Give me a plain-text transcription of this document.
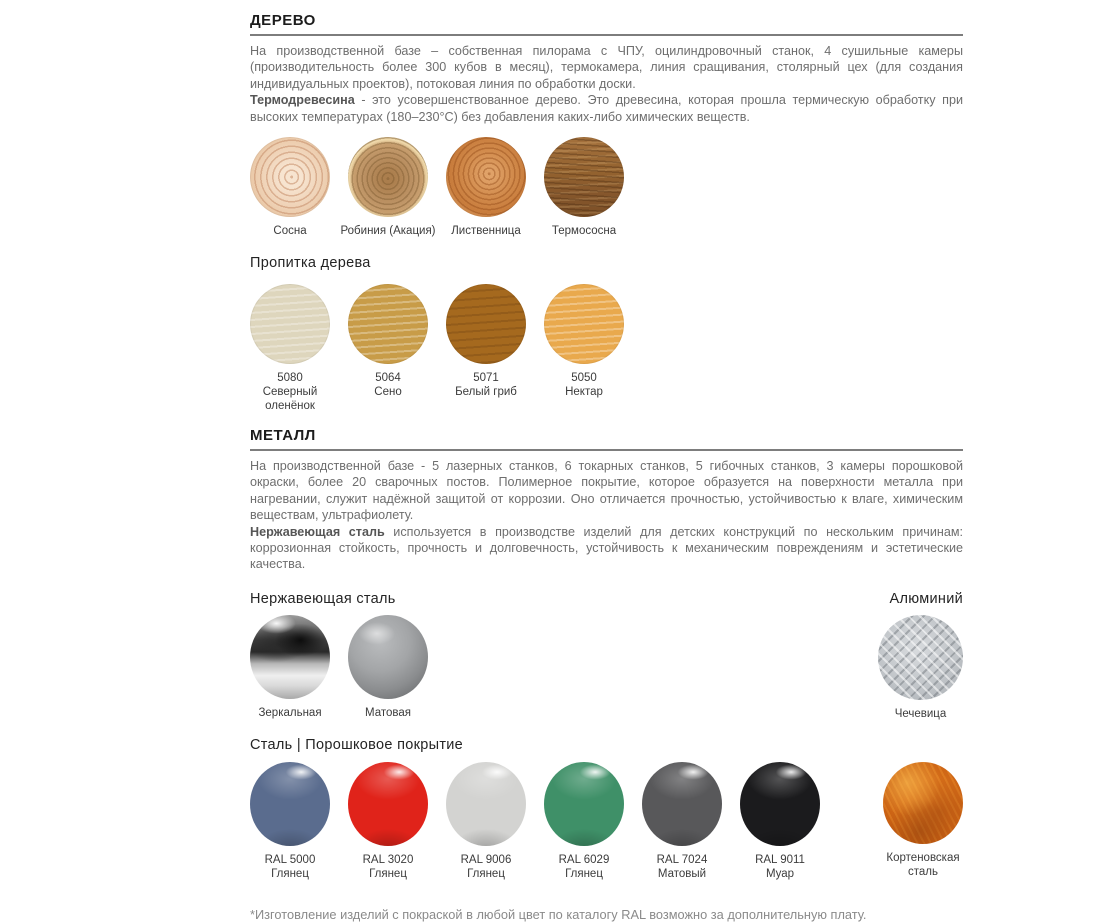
ДЕРЕВО
На производственной базе – собственная пилорама с ЧПУ, оцилиндровочный станок, 4 сушильные камеры (производительность более 300 кубов в месяц), термокамера, линия сращивания, столярный цех (для создания индивидуальных проектов), потоковая линия по обработки доски.
Термодревесина - это усовершенствованное дерево. Это древесина, которая прошла термическую обработку при высоких температурах (180–230°С) без добавления каких-либо химических веществ.
Сосна	Робиния (Акация) Лиственница	Термососна
Пропитка дерева
5080
Северный оленёнок
5064
Сено
5071
Белый гриб
5050
Нектар
МЕТАЛЛ
На производственной базе - 5 лазерных станков, 6 токарных станков, 5 гибочных станков, 3 камеры порошковой окраски, более 20 сварочных постов. Полимерное покрытие, которое образуется на поверхности металла при нагревании, служит надёжной защитой от коррозии. Оно отличается прочностью, устойчивостью к влаге, химическим веществам, ультрафиолету.
Нержавеющая сталь используется в производстве изделий для детских конструкций по нескольким причинам: коррозионная стойкость, прочность и долговечность, устойчивость к механическим повреждениям и эстетические качества.
Нержавеющая сталь	Алюминий
Зеркальная	Матовая	Чечевица
Сталь | Порошковое покрытие
RAL 5000
Глянец
RAL 3020
Глянец
RAL 9006
Глянец
RAL 6029
Глянец
RAL 7024
Матовый
RAL 9011
Муар
Кортеновская сталь
*Изготовление изделий с покраской в любой цвет по каталогу RAL возможно за дополнительную плату.
